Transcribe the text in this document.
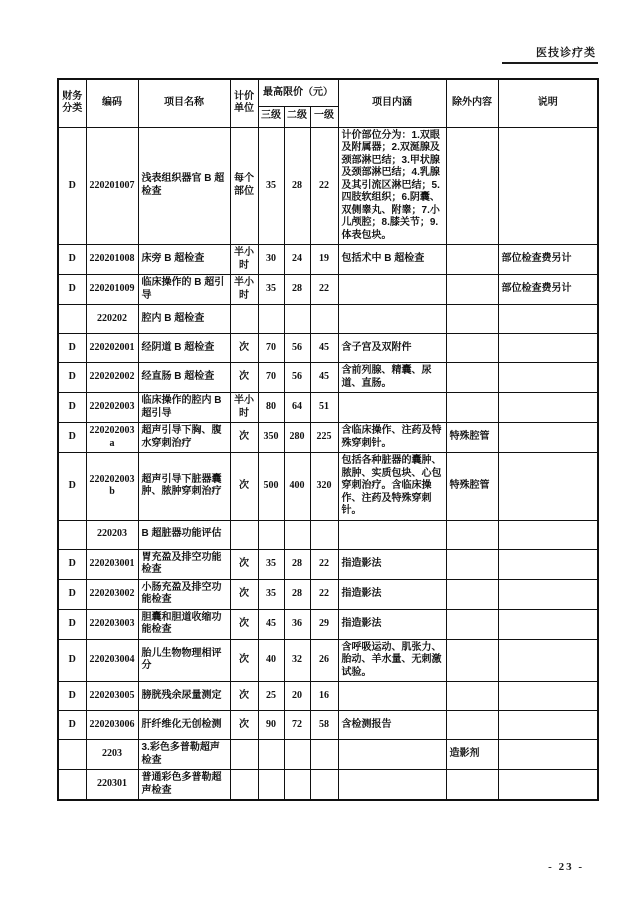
医技诊疗类
财务分类	编码	项目名称	计价单位	最高限价（元）			项目内涵	除外内容	说明
				三级	二级	一级			
D	220201007	浅表组织器官 B 超检查	每个部位	35	28	22	计价部位分为：1.双眼及附属器；2.双涎腺及颈部淋巴结；3.甲状腺及颈部淋巴结；4.乳腺及其引流区淋巴结；5.四肢软组织；6.阴囊、双侧睾丸、附睾；7.小儿颅腔；8.膝关节；9.体表包块。		
D	220201008	床旁 B 超检查	半小时	30	24	19	包括术中 B 超检查		部位检查费另计
D	220201009	临床操作的 B 超引导	半小时	35	28	22			部位检查费另计
	220202	腔内 B 超检查							
D	220202001	经阴道 B 超检查	次	70	56	45	含子宫及双附件		
D	220202002	经直肠 B 超检查	次	70	56	45	含前列腺、精囊、尿道、直肠。		
D	220202003	临床操作的腔内 B 超引导	半小时	80	64	51			
D	220202003a	超声引导下胸、腹水穿刺治疗	次	350	280	225	含临床操作、注药及特殊穿刺针。	特殊腔管	
D	220202003b	超声引导下脏器囊肿、脓肿穿刺治疗	次	500	400	320	包括各种脏器的囊肿、脓肿、实质包块、心包穿刺治疗。含临床操作、注药及特殊穿刺针。	特殊腔管	
	220203	B 超脏器功能评估							
D	220203001	胃充盈及排空功能检查	次	35	28	22	指造影法		
D	220203002	小肠充盈及排空功能检查	次	35	28	22	指造影法		
D	220203003	胆囊和胆道收缩功能检查	次	45	36	29	指造影法		
D	220203004	胎儿生物物理相评分	次	40	32	26	含呼吸运动、肌张力、胎动、羊水量、无刺激试验。		
D	220203005	膀胱残余尿量测定	次	25	20	16			
D	220203006	肝纤维化无创检测	次	90	72	58	含检测报告		
	2203	3.彩色多普勒超声检查						造影剂	
	220301	普通彩色多普勒超声检查							
- 23 -
